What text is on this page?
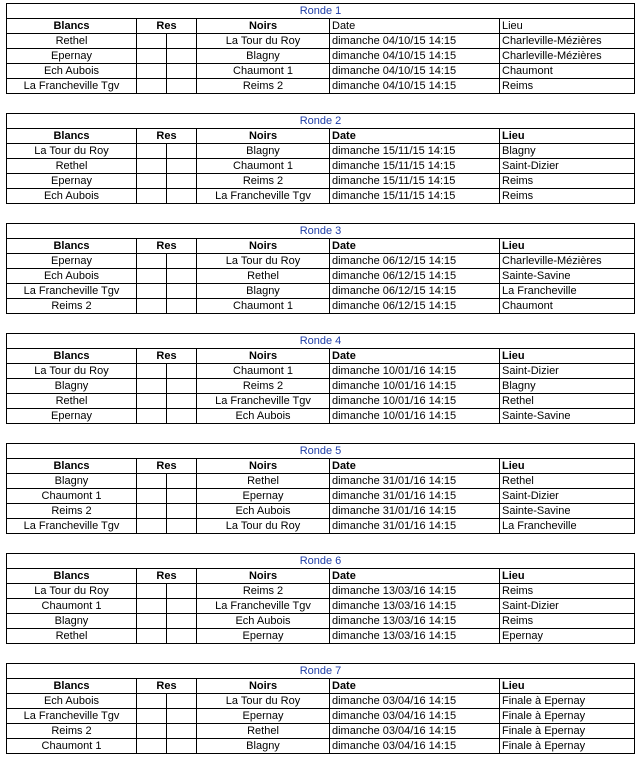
Ronde 1					
Blancs	Res		Noirs	Date	Lieu
Rethel			La Tour du Roy	dimanche 04/10/15 14:15	Charleville-Mézières
Epernay			Blagny	dimanche 04/10/15 14:15	Charleville-Mézières
Ech Aubois			Chaumont 1	dimanche 04/10/15 14:15	Chaumont
La Francheville Tgv			Reims 2	dimanche 04/10/15 14:15	Reims
Ronde 2					
Blancs	Res		Noirs	Date	Lieu
La Tour du Roy			Blagny	dimanche 15/11/15 14:15	Blagny
Rethel			Chaumont 1	dimanche 15/11/15 14:15	Saint-Dizier
Epernay			Reims 2	dimanche 15/11/15 14:15	Reims
Ech Aubois			La Francheville Tgv	dimanche 15/11/15 14:15	Reims
Ronde 3					
Blancs	Res		Noirs	Date	Lieu
Epernay			La Tour du Roy	dimanche 06/12/15 14:15	Charleville-Mézières
Ech Aubois			Rethel	dimanche 06/12/15 14:15	Sainte-Savine
La Francheville Tgv			Blagny	dimanche 06/12/15 14:15	La Francheville
Reims 2			Chaumont 1	dimanche 06/12/15 14:15	Chaumont
Ronde 4					
Blancs	Res		Noirs	Date	Lieu
La Tour du Roy			Chaumont 1	dimanche 10/01/16 14:15	Saint-Dizier
Blagny			Reims 2	dimanche 10/01/16 14:15	Blagny
Rethel			La Francheville Tgv	dimanche 10/01/16 14:15	Rethel
Epernay			Ech Aubois	dimanche 10/01/16 14:15	Sainte-Savine
Ronde 5					
Blancs	Res		Noirs	Date	Lieu
Blagny			Rethel	dimanche 31/01/16 14:15	Rethel
Chaumont 1			Epernay	dimanche 31/01/16 14:15	Saint-Dizier
Reims 2			Ech Aubois	dimanche 31/01/16 14:15	Sainte-Savine
La Francheville Tgv			La Tour du Roy	dimanche 31/01/16 14:15	La Francheville
Ronde 6					
Blancs	Res		Noirs	Date	Lieu
La Tour du Roy			Reims 2	dimanche 13/03/16 14:15	Reims
Chaumont 1			La Francheville Tgv	dimanche 13/03/16 14:15	Saint-Dizier
Blagny			Ech Aubois	dimanche 13/03/16 14:15	Reims
Rethel			Epernay	dimanche 13/03/16 14:15	Epernay
Ronde 7					
Blancs	Res		Noirs	Date	Lieu
Ech Aubois			La Tour du Roy	dimanche 03/04/16 14:15	Finale à Epernay
La Francheville Tgv			Epernay	dimanche 03/04/16 14:15	Finale à Epernay
Reims 2			Rethel	dimanche 03/04/16 14:15	Finale à Epernay
Chaumont 1			Blagny	dimanche 03/04/16 14:15	Finale à Epernay
